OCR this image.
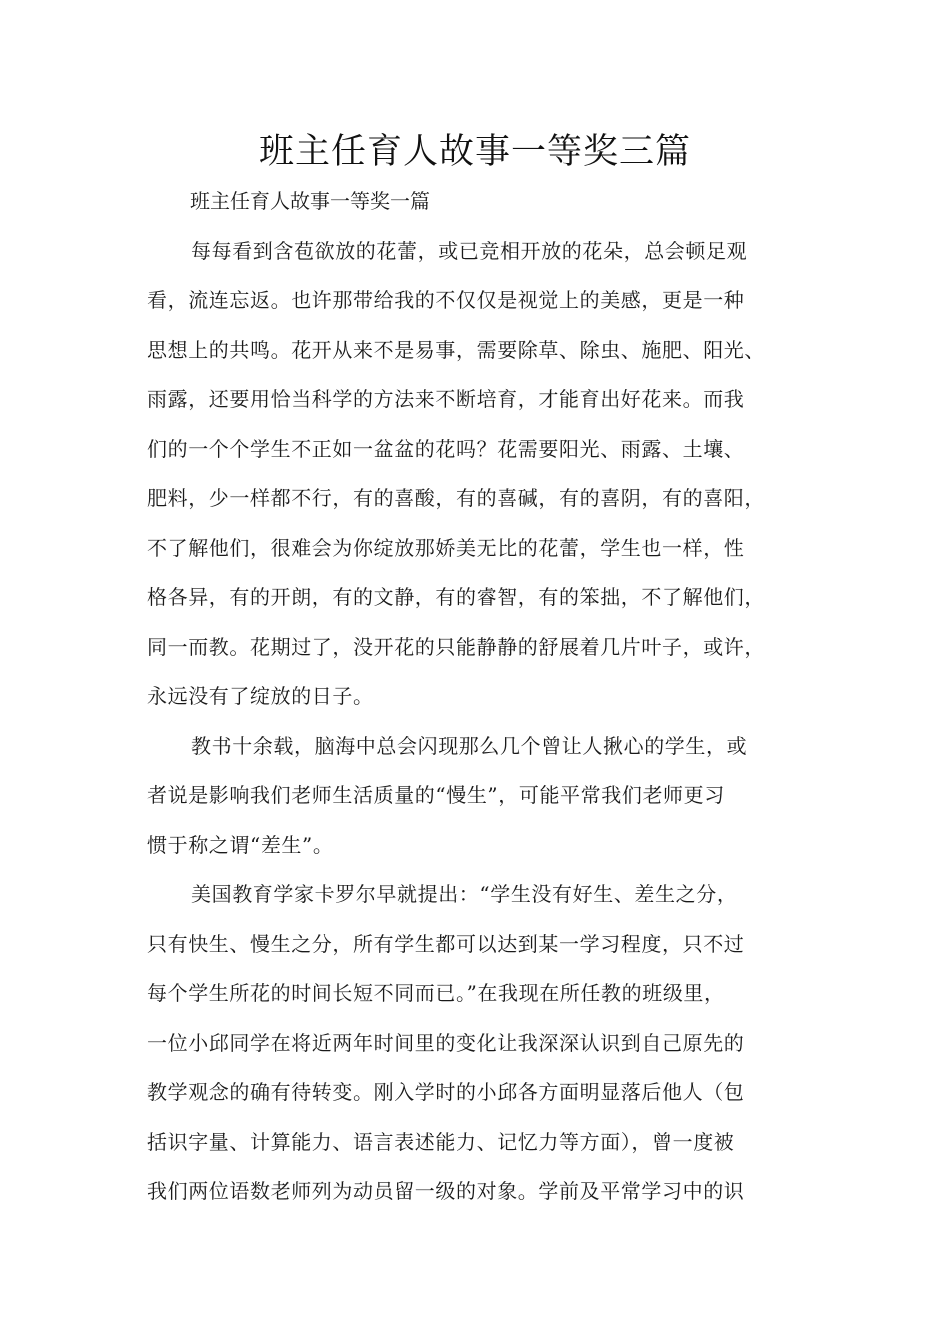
班主任育人故事一等奖三篇

班主任育人故事一等奖一篇

每每看到含苞欲放的花蕾，或已竞相开放的花朵，总会顿足观

看，流连忘返。也许那带给我的不仅仅是视觉上的美感，更是一种

思想上的共鸣。花开从来不是易事，需要除草、除虫、施肥、阳光、

雨露，还要用恰当科学的方法来不断培育，才能育出好花来。而我

们的一个个学生不正如一盆盆的花吗？花需要阳光、雨露、土壤、

肥料，少一样都不行，有的喜酸，有的喜碱，有的喜阴，有的喜阳，

不了解他们，很难会为你绽放那娇美无比的花蕾，学生也一样，性

格各异，有的开朗，有的文静，有的睿智，有的笨拙，不了解他们，

同一而教。花期过了，没开花的只能静静的舒展着几片叶子，或许，

永远没有了绽放的日子。

教书十余载，脑海中总会闪现那么几个曾让人揪心的学生，或

者说是影响我们老师生活质量的“慢生”，可能平常我们老师更习

惯于称之谓“差生”。

美国教育学家卡罗尔早就提出：“学生没有好生、差生之分，

只有快生、慢生之分，所有学生都可以达到某一学习程度，只不过

每个学生所花的时间长短不同而已。”在我现在所任教的班级里，

一位小邱同学在将近两年时间里的变化让我深深认识到自己原先的

教学观念的确有待转变。刚入学时的小邱各方面明显落后他人（包

括识字量、计算能力、语言表述能力、记忆力等方面），曾一度被

我们两位语数老师列为动员留一级的对象。学前及平常学习中的识
